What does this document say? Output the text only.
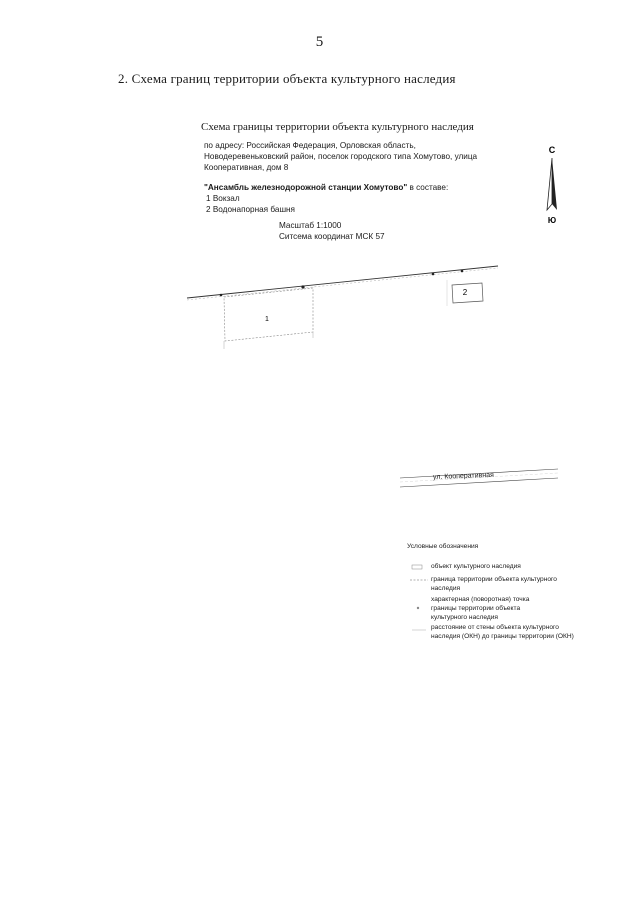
5
2. Схема границ территории объекта культурного наследия
Схема границы территории объекта культурного наследия
по адресу: Российская Федерация, Орловская область,
Новодеревеньковский район, поселок городского типа Хомутово, улица
Кооперативная, дом 8
"Ансамбль железнодорожной станции Хомутово" в составе:
1 Вокзал
2 Водонапорная башня
Масштаб 1:1000
Ситсема координат МСК 57
С
Ю
1
2
ул. Кооперативная
Условные обозначения
объект культурного наследия
граница территории объекта культурного
наследия
характерная (поворотная) точка
границы территории объекта
культурного наследия
расстояние от стены объекта культурного
наследия (ОКН) до границы территории (ОКН)
